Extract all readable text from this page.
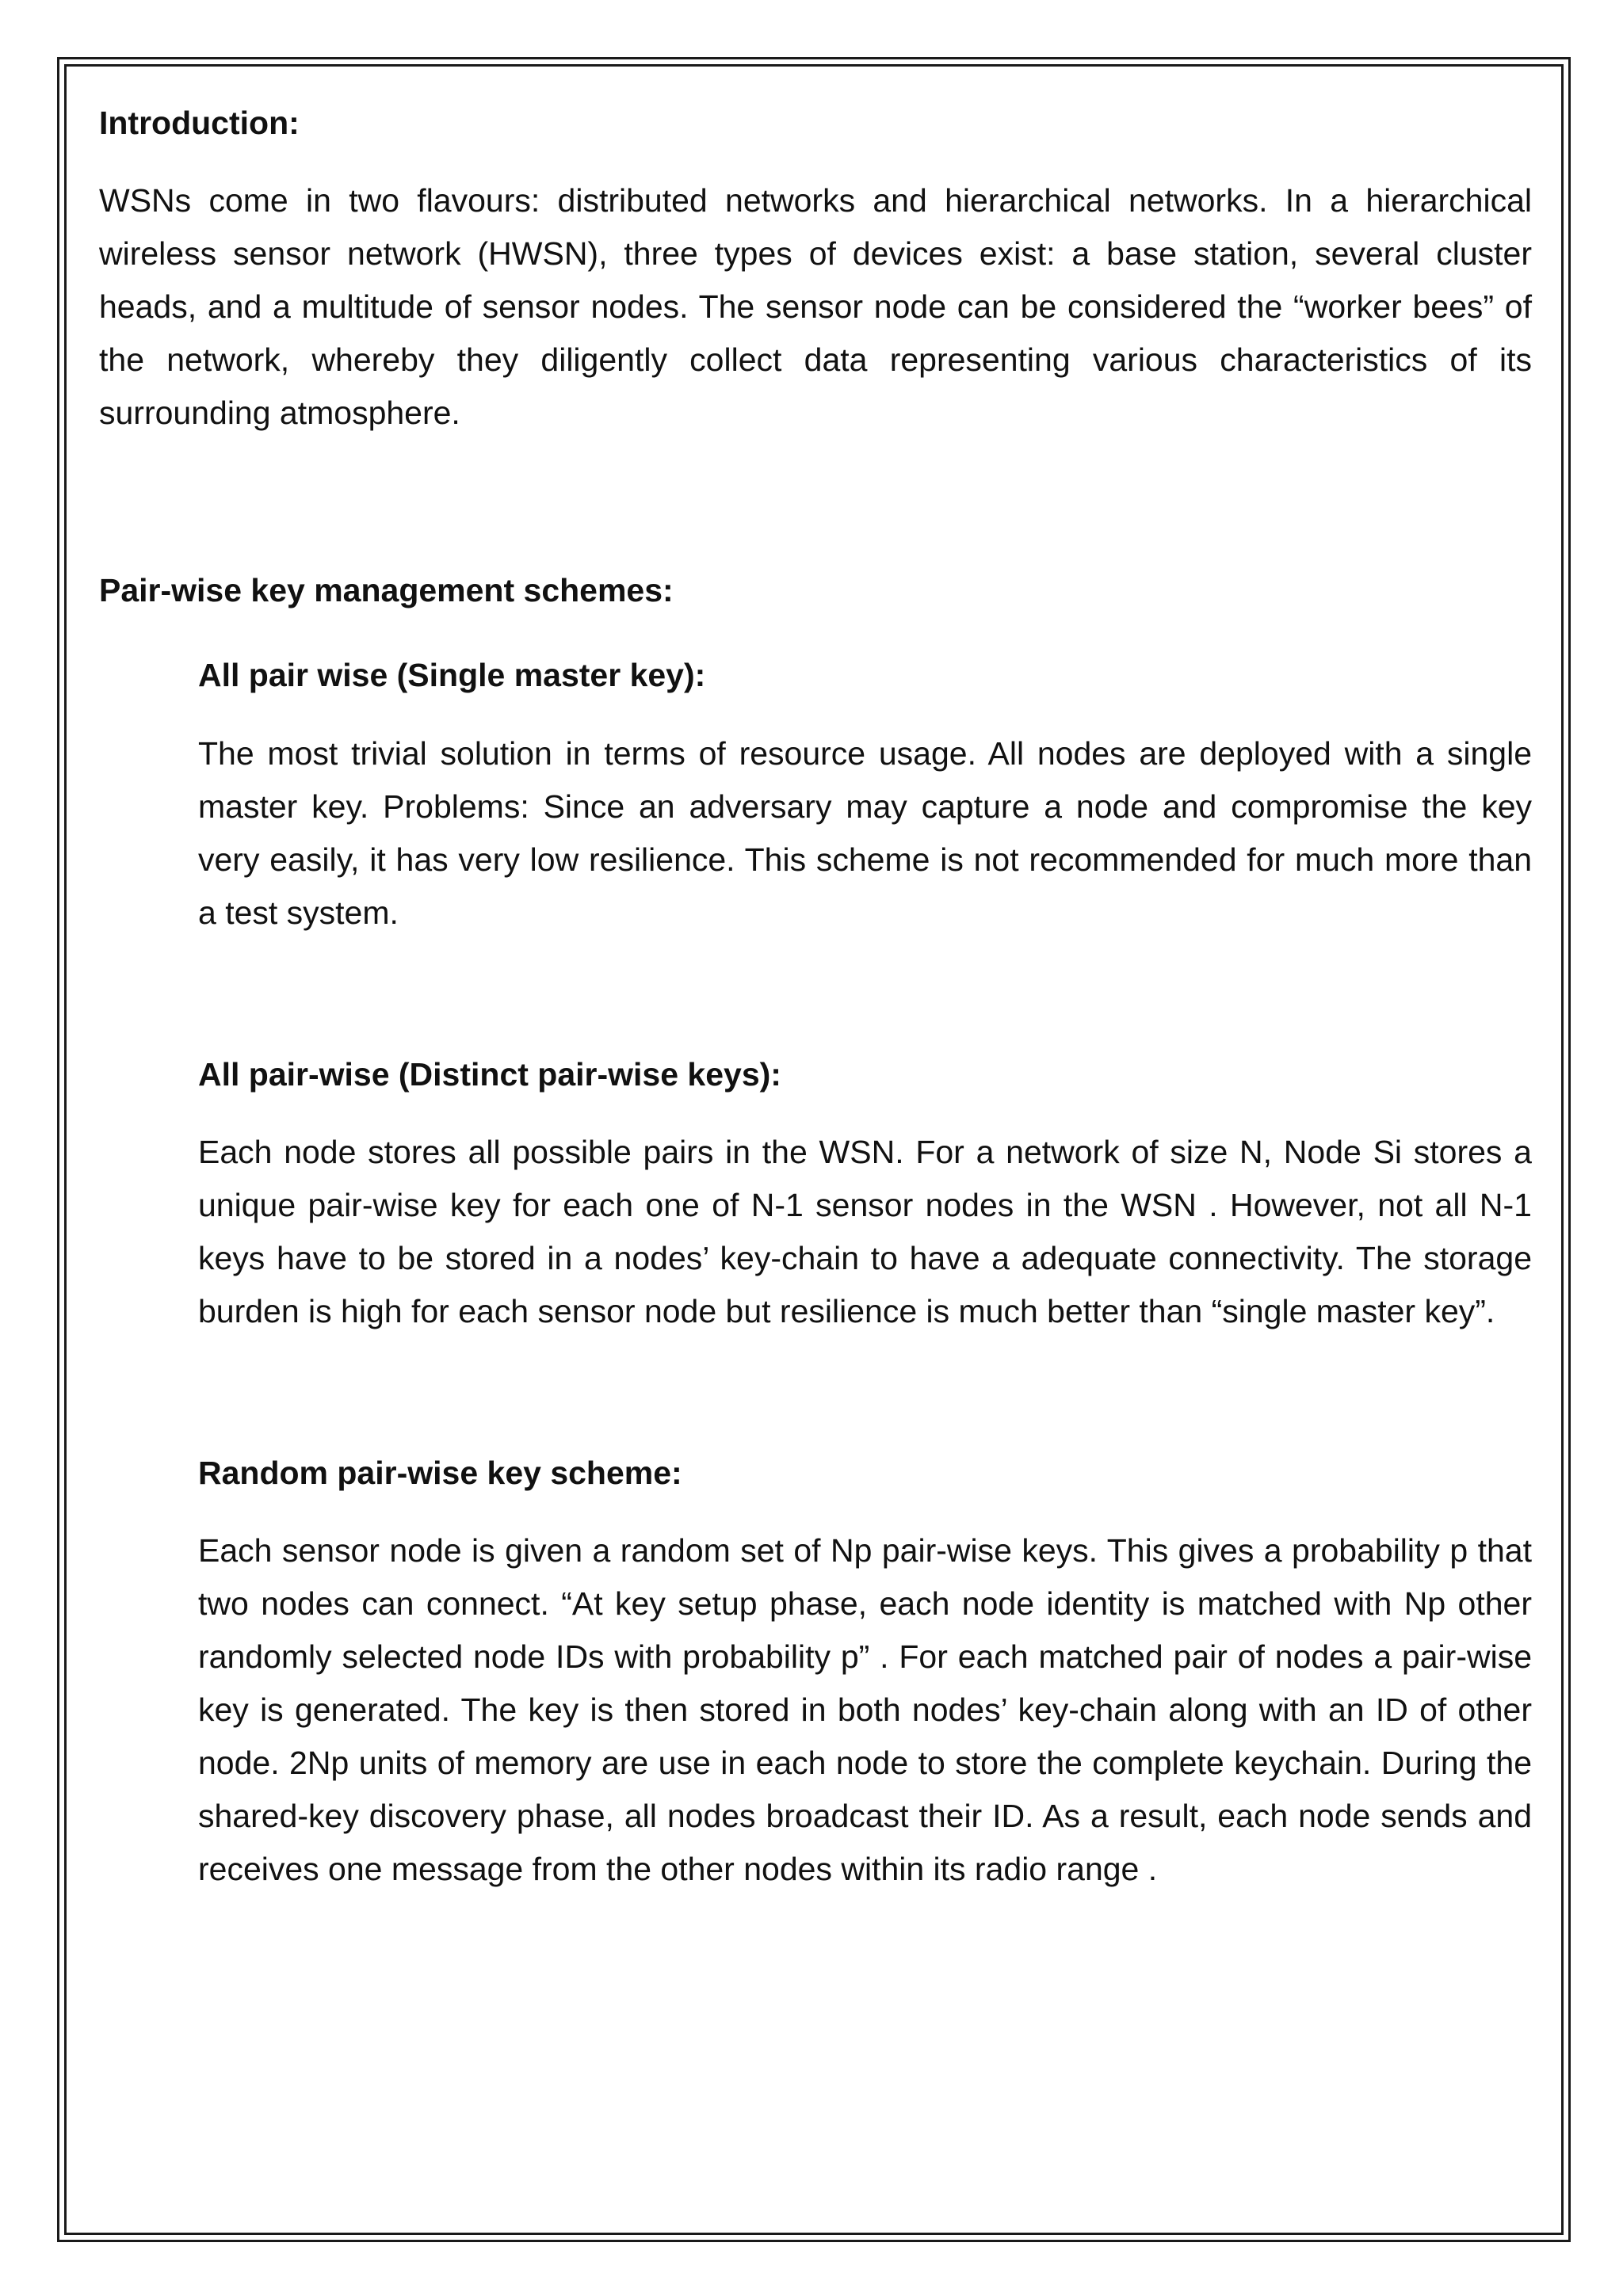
Introduction:

WSNs come in two flavours: distributed networks and hierarchical networks. In a hierarchical wireless sensor network (HWSN), three types of devices exist: a base station, several cluster heads, and a multitude of sensor nodes. The sensor node can be considered the “worker bees” of the network, whereby they diligently collect data representing various characteristics of its surrounding atmosphere.

Pair-wise key management schemes:
All pair wise (Single master key):

The most trivial solution in terms of resource usage. All nodes are deployed with a single master key. Problems: Since an adversary may capture a node and compromise the key very easily, it has very low resilience. This scheme is not recommended for much more than a test system.

All pair-wise (Distinct pair-wise keys):

Each node stores all possible pairs in the WSN. For a network of size N, Node Si stores a unique pair-wise key for each one of N-1 sensor nodes in the WSN . However, not all N-1 keys have to be stored in a nodes’ key-chain to have a adequate connectivity. The storage burden is high for each sensor node but resilience is much better than “single master key”.

Random pair-wise key scheme:

Each sensor node is given a random set of Np pair-wise keys. This gives a probability p that two nodes can connect. “At key setup phase, each node identity is matched with Np other randomly selected node IDs with probability p” . For each matched pair of nodes a pair-wise key is generated. The key is then stored in both nodes’ key-chain along with an ID of other node. 2Np units of memory are use in each node to store the complete keychain. During the shared-key discovery phase, all nodes broadcast their ID. As a result, each node sends and receives one message from the other nodes within its radio range .
